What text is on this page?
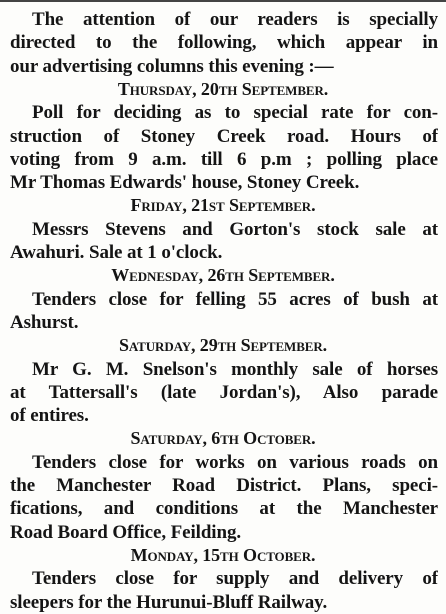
The attention of our readers is specially
directed to the following, which appear in
our advertising columns this evening :—
Thursday, 20th September.
Poll for deciding as to special rate for con-
struction of Stoney Creek road. Hours of
voting from 9 a.m. till 6 p.m ; polling place
Mr Thomas Edwards' house, Stoney Creek.
Friday, 21st September.
Messrs Stevens and Gorton's stock sale at
Awahuri. Sale at 1 o'clock.
Wednesday, 26th September.
Tenders close for felling 55 acres of bush at
Ashurst.
Saturday, 29th September.
Mr G. M. Snelson's monthly sale of horses
at Tattersall's (late Jordan's), Also parade
of entires.
Saturday, 6th October.
Tenders close for works on various roads on
the Manchester Road District. Plans, speci-
fications, and conditions at the Manchester
Road Board Office, Feilding.
Monday, 15th October.
Tenders close for supply and delivery of
sleepers for the Hurunui-Bluff Railway.
